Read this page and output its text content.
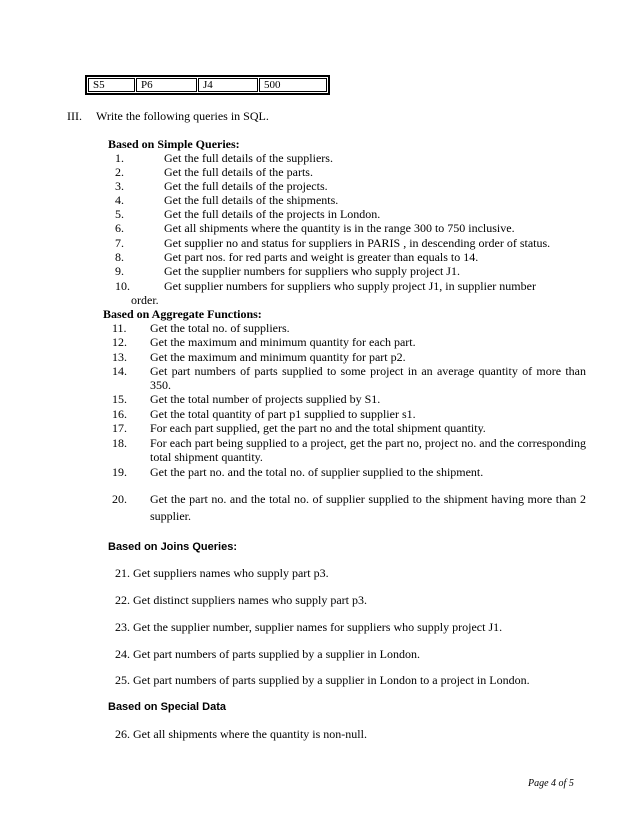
S5	P6	J4	500
III. Write the following queries in SQL.
Based on Simple Queries:
1.	Get the full details of the suppliers.
2.	Get the full details of the parts.
3.	Get the full details of the projects.
4.	Get the full details of the shipments.
5.	Get the full details of the projects in London.
6.	Get all shipments where the quantity is in the range 300 to 750 inclusive.
7.	Get supplier no and status for suppliers in PARIS , in descending order of status.
8.	Get part nos. for red parts and weight is greater than equals to 14.
9.	Get the supplier numbers for suppliers who supply project J1.
10.	Get supplier numbers for suppliers who supply project J1, in supplier number
order.
Based on Aggregate Functions:
11. Get the total no. of suppliers.
12. Get the maximum and minimum quantity for each part.
13. Get the maximum and minimum quantity for part p2.
14. Get part numbers of parts supplied to some project in an average quantity of more than 350.
15. Get the total number of projects supplied by S1.
16. Get the total quantity of part p1 supplied to supplier s1.
17. For each part supplied, get the part no and the total shipment quantity.
18. For each part being supplied to a project, get the part no, project no. and the corresponding total shipment quantity.
19. Get the part no. and the total no. of supplier supplied to the shipment.
20. Get the part no. and the total no. of supplier supplied to the shipment having more than 2 supplier.
Based on Joins Queries:
21. Get suppliers names who supply part p3.
22. Get distinct suppliers names who supply part p3.
23. Get the supplier number, supplier names for suppliers who supply project J1.
24. Get part numbers of parts supplied by a supplier in London.
25. Get part numbers of parts supplied by a supplier in London to a project in London.
Based on Special Data
26. Get all shipments where the quantity is non-null.
Page 4 of 5
